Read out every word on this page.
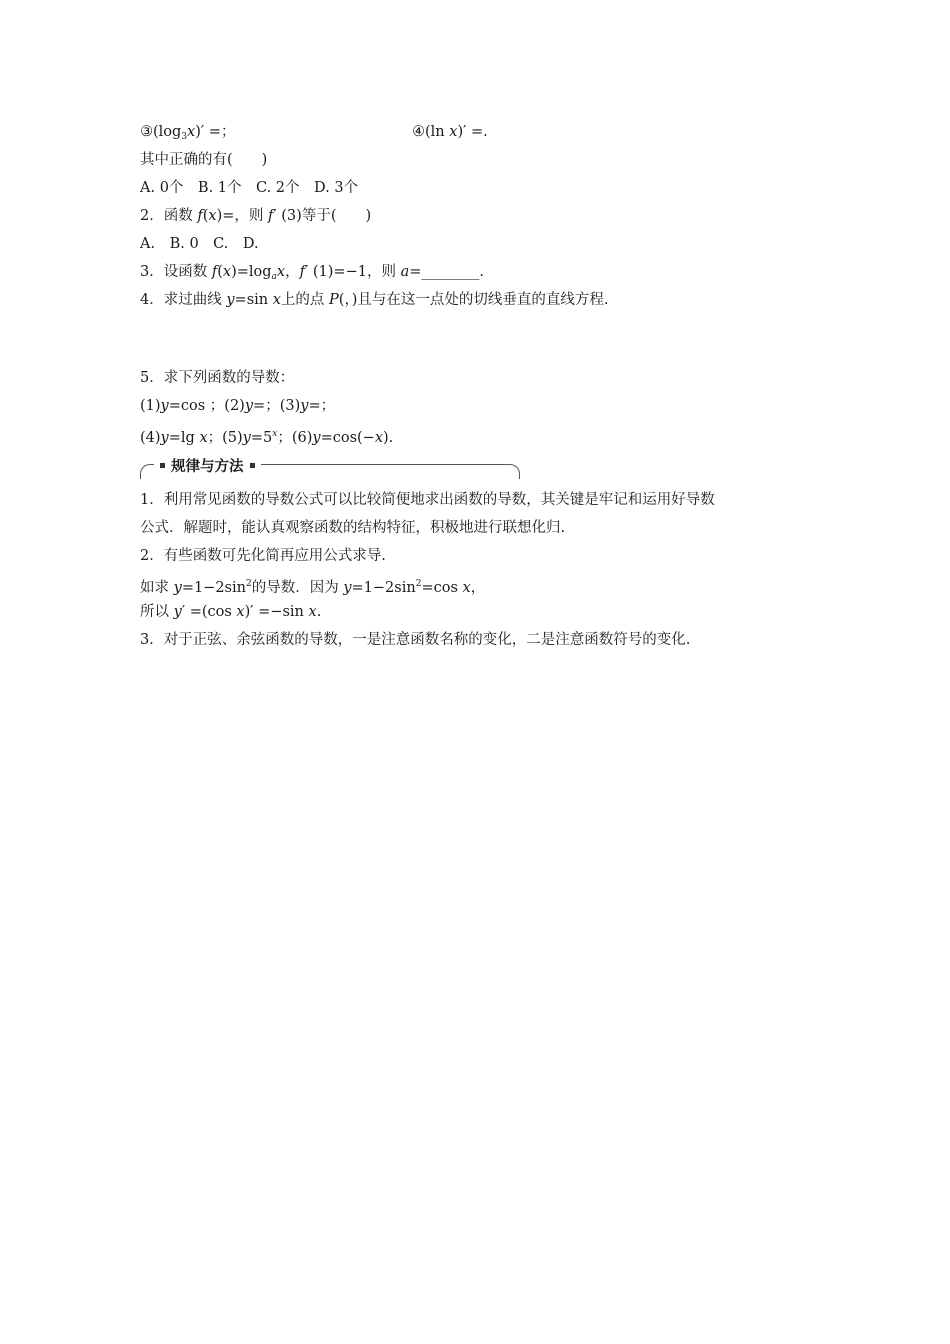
$③(\log_3x)'$ =；	④(ln x)′ =.
其中正确的有(　　)
A. 0个　B. 1个　C. 2个　D. 3个
2．函数 f(x)=，则 f′ (3)等于(　　)
A.　B. 0　C.　D.
3．设函数 $f(x)=\log_ax$，f′ (1)=−1，则 a=________.
4．求过曲线 y=sin x上的点 P(，)且与在这一点处的切线垂直的直线方程.
5．求下列函数的导数：
(1)y=cos ；(2)y=；(3)y=；
(4)y=lg x；$(5)y=5^x$；(6)y=cos(−x).
规律与方法
1．利用常见函数的导数公式可以比较简便地求出函数的导数，其关键是牢记和运用好导数
公式．解题时，能认真观察函数的结构特征，积极地进行联想化归.
2．有些函数可先化简再应用公式求导.
如求 $y=1-2\sin^2$的导数．因为 $y=1-2\sin^2=\cos$ x，
所以 y′ =(cos x)′ =−sin x.
3．对于正弦、余弦函数的导数，一是注意函数名称的变化，二是注意函数符号的变化.
